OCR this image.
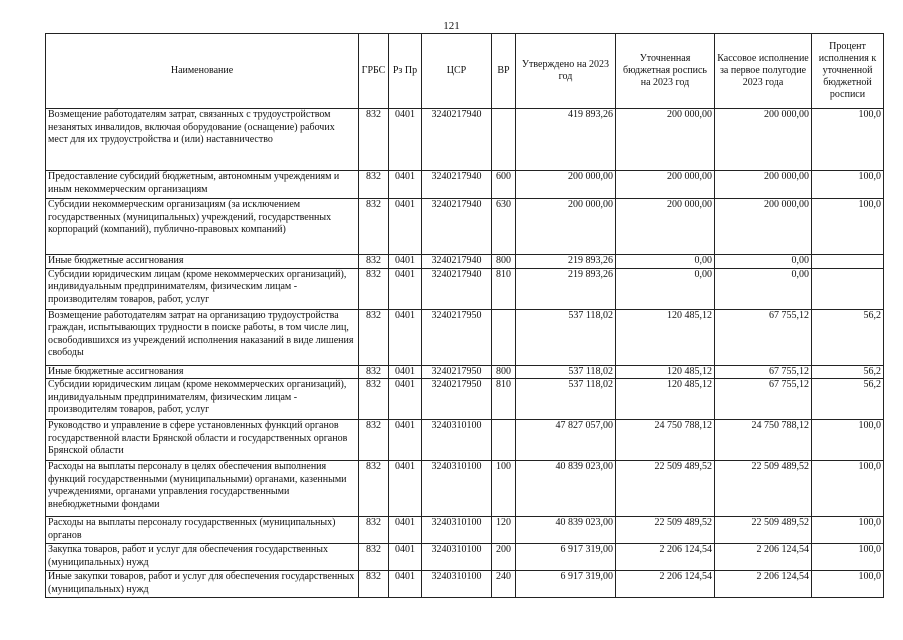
121
Наименование	ГРБС	Рз Пр	ЦСР	ВР	Утверждено на 2023 год	Уточненная бюджетная роспись на 2023 год	Кассовое исполнение за первое полугодие 2023 года	Процент исполнения к уточненной бюджетной росписи
Возмещение работодателям затрат, связанных с трудоустройством незанятых инвалидов, включая оборудование (оснащение) рабочих мест для их трудоустройства и (или) наставничество	832	0401	3240217940		419 893,26	200 000,00	200 000,00	100,0
Предоставление субсидий бюджетным, автономным учреждениям и иным некоммерческим организациям	832	0401	3240217940	600	200 000,00	200 000,00	200 000,00	100,0
Субсидии некоммерческим организациям (за исключением государственных (муниципальных) учреждений, государственных корпораций (компаний), публично-правовых компаний)	832	0401	3240217940	630	200 000,00	200 000,00	200 000,00	100,0
Иные бюджетные ассигнования	832	0401	3240217940	800	219 893,26	0,00	0,00	
Субсидии юридическим лицам (кроме некоммерческих организаций), индивидуальным предпринимателям, физическим лицам - производителям товаров, работ, услуг	832	0401	3240217940	810	219 893,26	0,00	0,00	
Возмещение работодателям затрат на организацию трудоустройства граждан, испытывающих трудности в поиске работы, в том числе лиц, освободившихся из учреждений исполнения наказаний в виде лишения свободы	832	0401	3240217950		537 118,02	120 485,12	67 755,12	56,2
Иные бюджетные ассигнования	832	0401	3240217950	800	537 118,02	120 485,12	67 755,12	56,2
Субсидии юридическим лицам (кроме некоммерческих организаций), индивидуальным предпринимателям, физическим лицам - производителям товаров, работ, услуг	832	0401	3240217950	810	537 118,02	120 485,12	67 755,12	56,2
Руководство и управление в сфере установленных функций органов государственной власти Брянской области и государственных органов Брянской области	832	0401	3240310100		47 827 057,00	24 750 788,12	24 750 788,12	100,0
Расходы на выплаты персоналу в целях обеспечения выполнения функций государственными (муниципальными) органами, казенными учреждениями, органами управления государственными внебюджетными фондами	832	0401	3240310100	100	40 839 023,00	22 509 489,52	22 509 489,52	100,0
Расходы на выплаты персоналу государственных (муниципальных) органов	832	0401	3240310100	120	40 839 023,00	22 509 489,52	22 509 489,52	100,0
Закупка товаров, работ и услуг для обеспечения государственных (муниципальных) нужд	832	0401	3240310100	200	6 917 319,00	2 206 124,54	2 206 124,54	100,0
Иные закупки товаров, работ и услуг для обеспечения государственных (муниципальных) нужд	832	0401	3240310100	240	6 917 319,00	2 206 124,54	2 206 124,54	100,0
